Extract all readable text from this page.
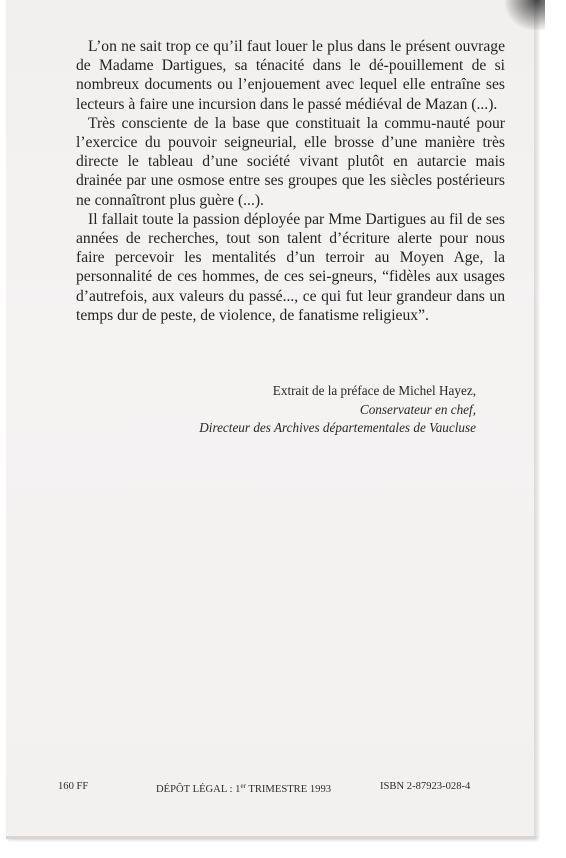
L’on ne sait trop ce qu’il faut louer le plus dans le présent ouvrage de Madame Dartigues, sa ténacité dans le dé-pouillement de si nombreux documents ou l’enjouement avec lequel elle entraîne ses lecteurs à faire une incursion dans le passé médiéval de Mazan (...).

Très consciente de la base que constituait la commu-nauté pour l’exercice du pouvoir seigneurial, elle brosse d’une manière très directe le tableau d’une société vivant plutôt en autarcie mais drainée par une osmose entre ses groupes que les siècles postérieurs ne connaîtront plus guère (...).

Il fallait toute la passion déployée par Mme Dartigues au fil de ses années de recherches, tout son talent d’écriture alerte pour nous faire percevoir les mentalités d’un terroir au Moyen Age, la personnalité de ces hommes, de ces sei-gneurs, “fidèles aux usages d’autrefois, aux valeurs du passé..., ce qui fut leur grandeur dans un temps dur de peste, de violence, de fanatisme religieux”.

Extrait de la préface de Michel Hayez,
Conservateur en chef,
Directeur des Archives départementales de Vaucluse
160 FF	DÉPÔT LÉGAL : 1er TRIMESTRE 1993	ISBN 2-87923-028-4
